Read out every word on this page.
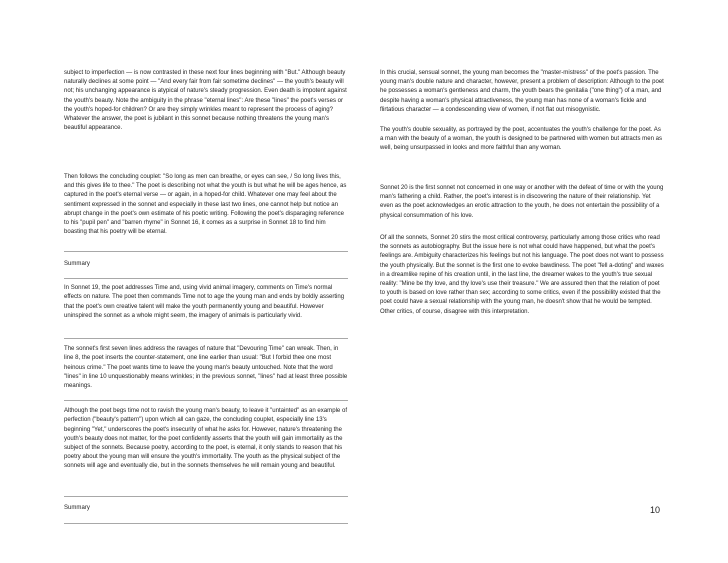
subject to imperfection — is now contrasted in these next four lines beginning with "But." Although beauty naturally declines at some point — "And every fair from fair sometime declines" — the youth's beauty will not; his unchanging appearance is atypical of nature's steady progression. Even death is impotent against the youth's beauty. Note the ambiguity in the phrase "eternal lines": Are these "lines" the poet's verses or the youth's hoped-for children? Or are they simply wrinkles meant to represent the process of aging? Whatever the answer, the poet is jubilant in this sonnet because nothing threatens the young man's beautiful appearance.

Then follows the concluding couplet: "So long as men can breathe, or eyes can see, / So long lives this, and this gives life to thee." The poet is describing not what the youth is but what he will be ages hence, as captured in the poet's eternal verse — or again, in a hoped-for child. Whatever one may feel about the sentiment expressed in the sonnet and especially in these last two lines, one cannot help but notice an abrupt change in the poet's own estimate of his poetic writing. Following the poet's disparaging reference to his "pupil pen" and "barren rhyme" in Sonnet 16, it comes as a surprise in Sonnet 18 to find him boasting that his poetry will be eternal.

Summary

In Sonnet 19, the poet addresses Time and, using vivid animal imagery, comments on Time's normal effects on nature. The poet then commands Time not to age the young man and ends by boldly asserting that the poet's own creative talent will make the youth permanently young and beautiful. However uninspired the sonnet as a whole might seem, the imagery of animals is particularly vivid.

The sonnet's first seven lines address the ravages of nature that "Devouring Time" can wreak. Then, in line 8, the poet inserts the counter-statement, one line earlier than usual: "But I forbid thee one most heinous crime." The poet wants time to leave the young man's beauty untouched. Note that the word "lines" in line 10 unquestionably means wrinkles; in the previous sonnet, "lines" had at least three possible meanings.

Although the poet begs time not to ravish the young man's beauty, to leave it "untainted" as an example of perfection ("beauty's pattern") upon which all can gaze, the concluding couplet, especially line 13's beginning "Yet," underscores the poet's insecurity of what he asks for. However, nature's threatening the youth's beauty does not matter, for the poet confidently asserts that the youth will gain immortality as the subject of the sonnets. Because poetry, according to the poet, is eternal, it only stands to reason that his poetry about the young man will ensure the youth's immortality. The youth as the physical subject of the sonnets will age and eventually die, but in the sonnets themselves he will remain young and beautiful.

Summary

In this crucial, sensual sonnet, the young man becomes the "master-mistress" of the poet's passion. The young man's double nature and character, however, present a problem of description: Although to the poet he possesses a woman's gentleness and charm, the youth bears the genitalia ("one thing") of a man, and despite having a woman's physical attractiveness, the young man has none of a woman's fickle and flirtatious character — a condescending view of women, if not flat out misogynistic.

The youth's double sexuality, as portrayed by the poet, accentuates the youth's challenge for the poet. As a man with the beauty of a woman, the youth is designed to be partnered with women but attracts men as well, being unsurpassed in looks and more faithful than any woman.

Sonnet 20 is the first sonnet not concerned in one way or another with the defeat of time or with the young man's fathering a child. Rather, the poet's interest is in discovering the nature of their relationship. Yet even as the poet acknowledges an erotic attraction to the youth, he does not entertain the possibility of a physical consummation of his love.

Of all the sonnets, Sonnet 20 stirs the most critical controversy, particularly among those critics who read the sonnets as autobiography. But the issue here is not what could have happened, but what the poet's feelings are. Ambiguity characterizes his feelings but not his language. The poet does not want to possess the youth physically. But the sonnet is the first one to evoke bawdiness. The poet "fell a-doting" and waxes in a dreamlike repine of his creation until, in the last line, the dreamer wakes to the youth's true sexual reality: "Mine be thy love, and thy love's use their treasure." We are assured then that the relation of poet to youth is based on love rather than sex; according to some critics, even if the possibility existed that the poet could have a sexual relationship with the young man, he doesn't show that he would be tempted. Other critics, of course, disagree with this interpretation.

10
